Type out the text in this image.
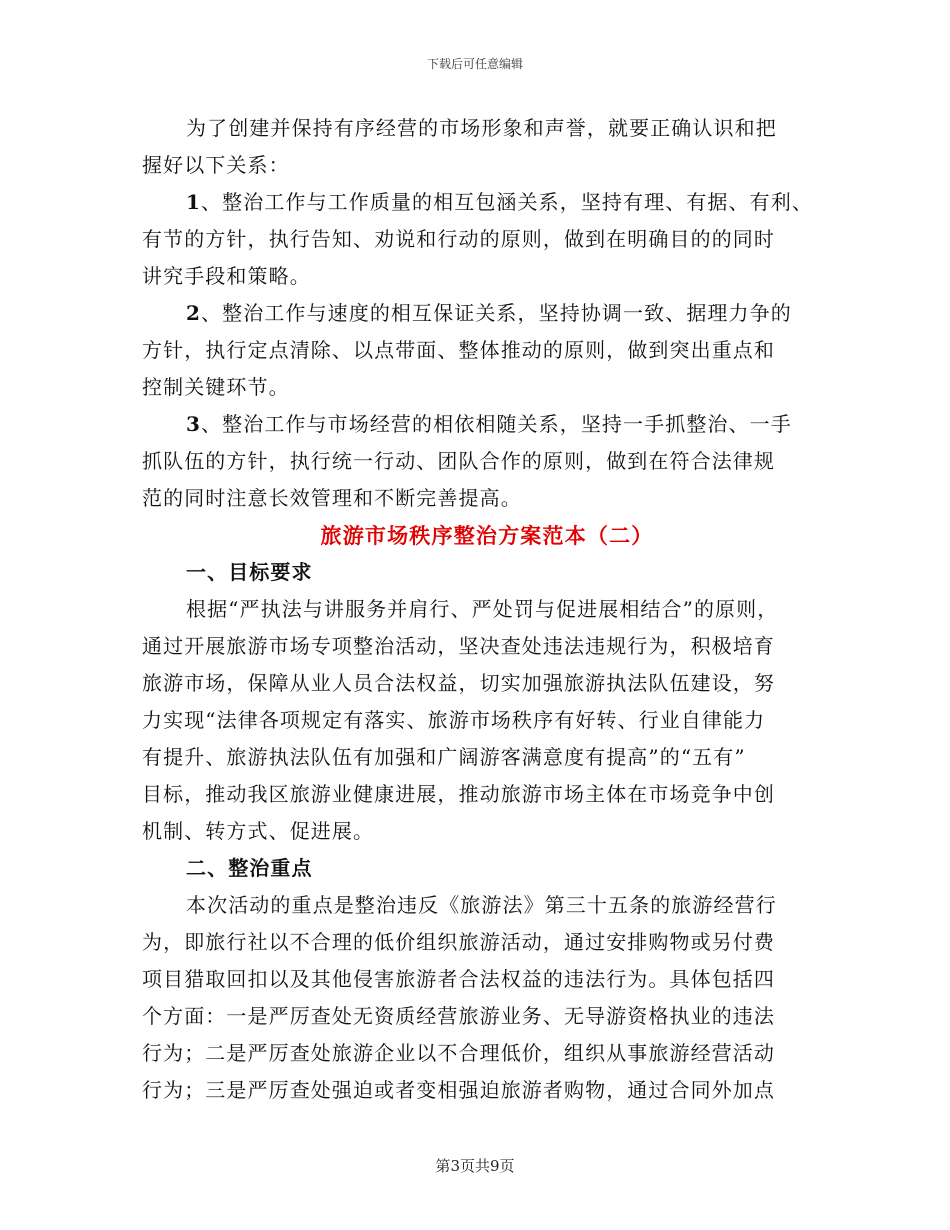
下载后可任意编辑
为了创建并保持有序经营的市场形象和声誉，就要正确认识和把
握好以下关系：
1、整治工作与工作质量的相互包涵关系，坚持有理、有据、有利、
有节的方针，执行告知、劝说和行动的原则，做到在明确目的的同时
讲究手段和策略。
2、整治工作与速度的相互保证关系，坚持协调一致、据理力争的
方针，执行定点清除、以点带面、整体推动的原则，做到突出重点和
控制关键环节。
3、整治工作与市场经营的相依相随关系，坚持一手抓整治、一手
抓队伍的方针，执行统一行动、团队合作的原则，做到在符合法律规
范的同时注意长效管理和不断完善提高。
旅游市场秩序整治方案范本（二）
一、目标要求
根据“严执法与讲服务并肩行、严处罚与促进展相结合”的原则，
通过开展旅游市场专项整治活动，坚决查处违法违规行为，积极培育
旅游市场，保障从业人员合法权益，切实加强旅游执法队伍建设，努
力实现“法律各项规定有落实、旅游市场秩序有好转、行业自律能力
有提升、旅游执法队伍有加强和广阔游客满意度有提高”的“五有”
目标，推动我区旅游业健康进展，推动旅游市场主体在市场竞争中创
机制、转方式、促进展。
二、整治重点
本次活动的重点是整治违反《旅游法》第三十五条的旅游经营行
为，即旅行社以不合理的低价组织旅游活动，通过安排购物或另付费
项目猎取回扣以及其他侵害旅游者合法权益的违法行为。具体包括四
个方面：一是严厉查处无资质经营旅游业务、无导游资格执业的违法
行为；二是严厉查处旅游企业以不合理低价，组织从事旅游经营活动
行为；三是严厉查处强迫或者变相强迫旅游者购物，通过合同外加点
第3页共9页
